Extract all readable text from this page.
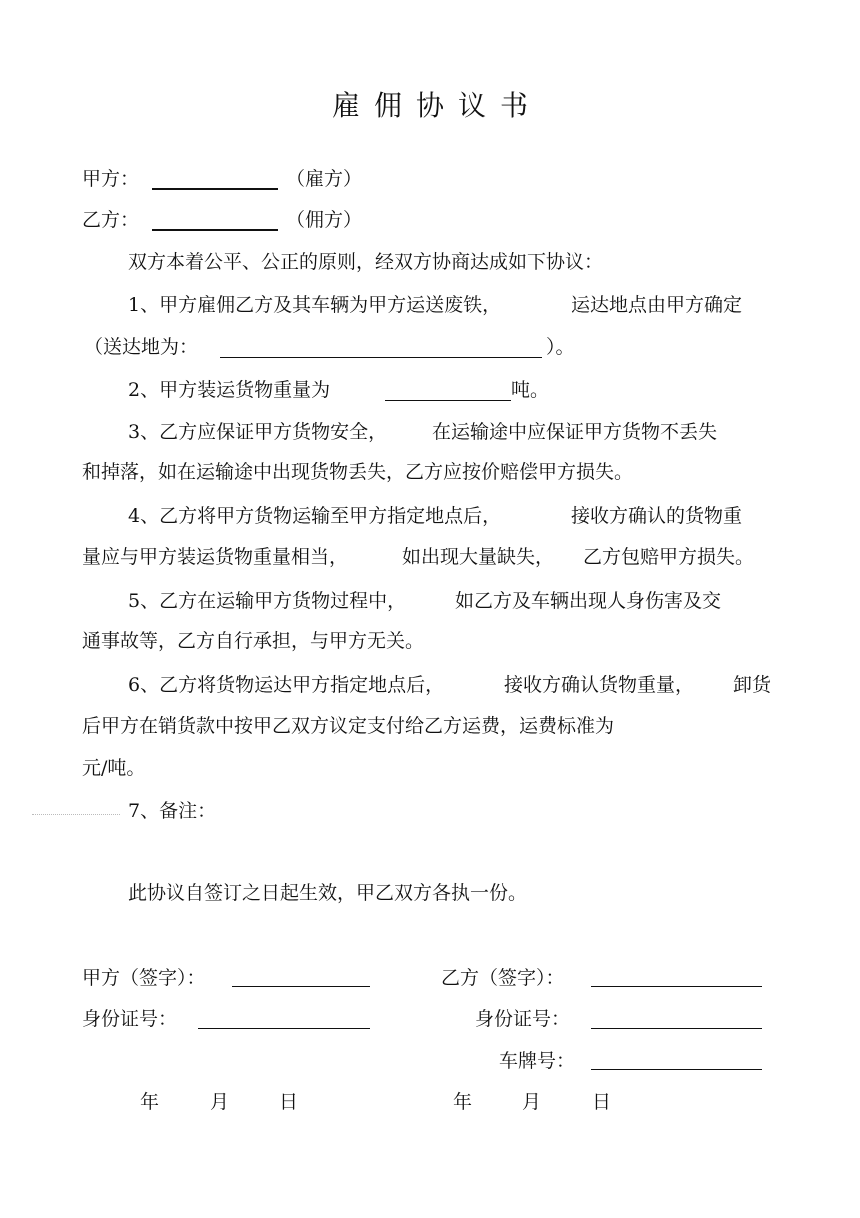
雇佣协议书
甲方：	（雇方）
乙方：	（佣方）
双方本着公平、公正的原则，经双方协商达成如下协议：
1、甲方雇佣乙方及其车辆为甲方运送废铁，	运达地点由甲方确定
（送达地为：	）。
2、甲方装运货物重量为	吨。
3、乙方应保证甲方货物安全， 在运输途中应保证甲方货物不丢失
和掉落，如在运输途中出现货物丢失，乙方应按价赔偿甲方损失。
4、乙方将甲方货物运输至甲方指定地点后，	接收方确认的货物重
量应与甲方装运货物重量相当，	如出现大量缺失， 乙方包赔甲方损失。
5、乙方在运输甲方货物过程中，	如乙方及车辆出现人身伤害及交
通事故等，乙方自行承担，与甲方无关。
6、乙方将货物运达甲方指定地点后，	接收方确认货物重量， 卸货
后甲方在销货款中按甲乙双方议定支付给乙方运费，运费标准为
元/吨。
7、备注：
此协议自签订之日起生效，甲乙双方各执一份。
甲方（签字）：	乙方（签字）：
身份证号：	身份证号：
车牌号：
年	月	日	年	月	日
